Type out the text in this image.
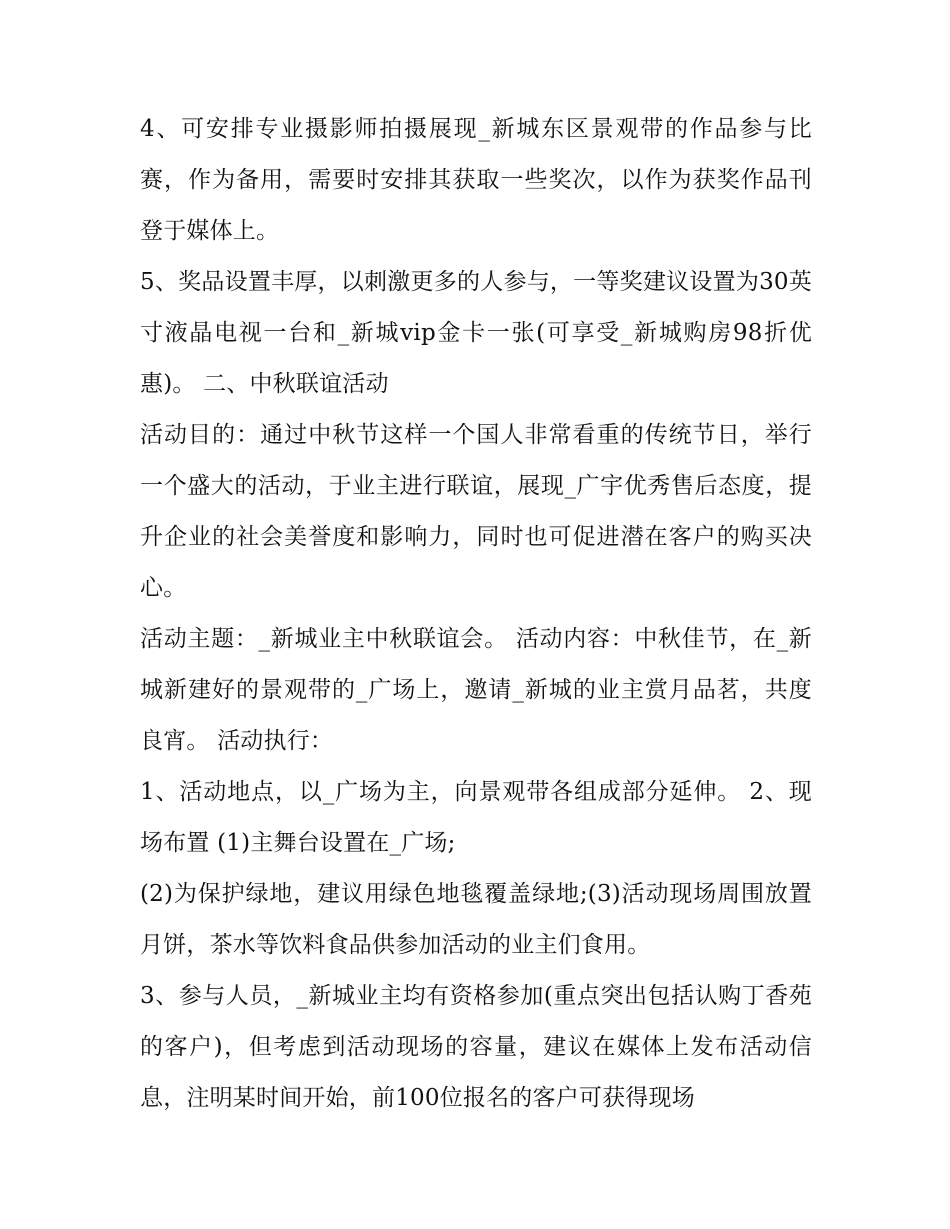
4、可安排专业摄影师拍摄展现_新城东区景观带的作品参与比赛，作为备用，需要时安排其获取一些奖次，以作为获奖作品刊登于媒体上。

5、奖品设置丰厚，以刺激更多的人参与，一等奖建议设置为30英寸液晶电视一台和_新城vip金卡一张(可享受_新城购房98折优惠)。 二、中秋联谊活动

活动目的：通过中秋节这样一个国人非常看重的传统节日，举行一个盛大的活动，于业主进行联谊，展现_广宇优秀售后态度，提升企业的社会美誉度和影响力，同时也可促进潜在客户的购买决心。

活动主题：_新城业主中秋联谊会。 活动内容：中秋佳节，在_新城新建好的景观带的_广场上，邀请_新城的业主赏月品茗，共度良宵。 活动执行：

1、活动地点，以_广场为主，向景观带各组成部分延伸。 2、现场布置 (1)主舞台设置在_广场;

(2)为保护绿地，建议用绿色地毯覆盖绿地;(3)活动现场周围放置月饼，茶水等饮料食品供参加活动的业主们食用。

3、参与人员，_新城业主均有资格参加(重点突出包括认购丁香苑的客户)，但考虑到活动现场的容量，建议在媒体上发布活动信息，注明某时间开始，前100位报名的客户可获得现场
